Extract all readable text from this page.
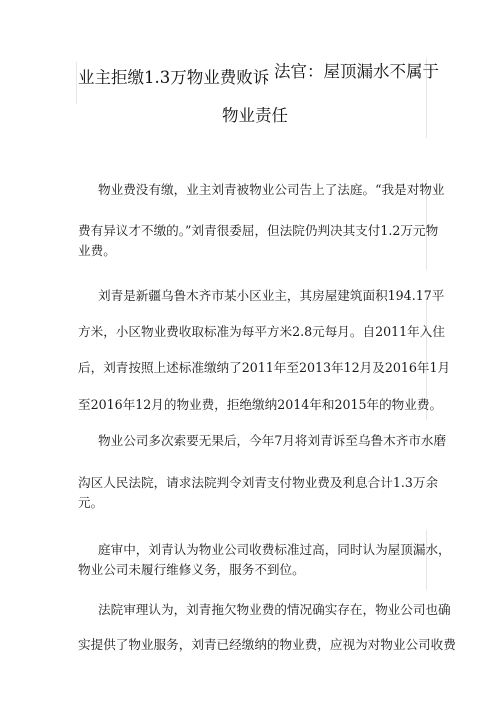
业主拒缴1.3万物业费败诉 法官：屋顶漏水不属于
物业责任
物业费没有缴，业主刘青被物业公司告上了法庭。“我是对物业
费有异议才不缴的。”刘青很委屈，但法院仍判决其支付1.2万元物
业费。
刘青是新疆乌鲁木齐市某小区业主，其房屋建筑面积194.17平
方米，小区物业费收取标准为每平方米2.8元每月。自2011年入住
后，刘青按照上述标准缴纳了2011年至2013年12月及2016年1月
至2016年12月的物业费，拒绝缴纳2014年和2015年的物业费。
物业公司多次索要无果后，今年7月将刘青诉至乌鲁木齐市水磨
沟区人民法院，请求法院判令刘青支付物业费及利息合计1.3万余
元。
庭审中，刘青认为物业公司收费标准过高，同时认为屋顶漏水，
物业公司未履行维修义务，服务不到位。
法院审理认为，刘青拖欠物业费的情况确实存在，物业公司也确
实提供了物业服务，刘青已经缴纳的物业费，应视为对物业公司收费
